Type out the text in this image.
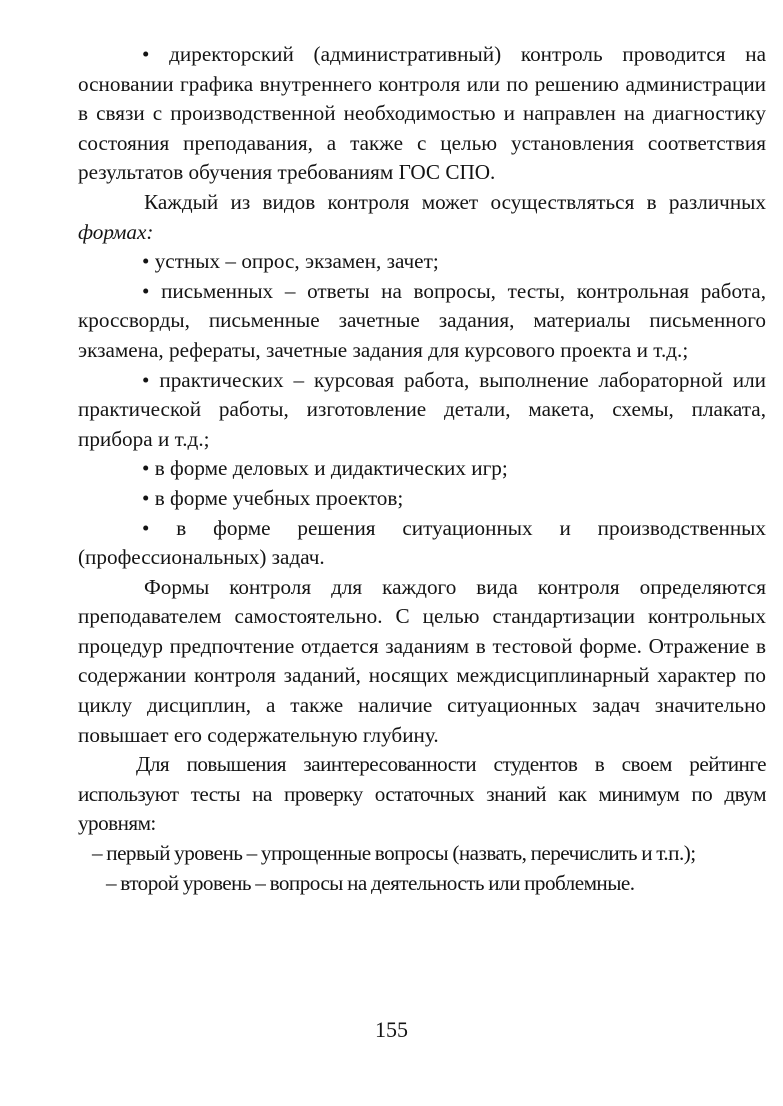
• директорский (административный) контроль проводится на основании графика внутреннего контроля или по решению администрации в связи с производственной необходимостью и направлен на диагностику состояния преподавания, а также с целью установления соответствия результатов обучения требованиям ГОС СПО.

Каждый из видов контроля может осуществляться в различных формах:

• устных – опрос, экзамен, зачет;

• письменных – ответы на вопросы, тесты, контрольная работа, кроссворды, письменные зачетные задания, материалы письменного экзамена, рефераты, зачетные задания для курсового проекта и т.д.;

• практических – курсовая работа, выполнение лабораторной или практической работы, изготовление детали, макета, схемы, плаката, прибора и т.д.;

• в форме деловых и дидактических игр;

• в форме учебных проектов;

• в форме решения ситуационных и производственных (профессиональных) задач.

Формы контроля для каждого вида контроля определяются преподавателем самостоятельно. С целью стандартизации контрольных процедур предпочтение отдается заданиям в тестовой форме. Отражение в содержании контроля заданий, носящих междисциплинарный характер по циклу дисциплин, а также наличие ситуационных задач значительно повышает его содержательную глубину.

Для повышения заинтересованности студентов в своем рейтинге используют тесты на проверку остаточных знаний как минимум по двум уровням:

– первый уровень – упрощенные вопросы (назвать, перечислить и т.п.);

– второй уровень – вопросы на деятельность или проблемные.

155
